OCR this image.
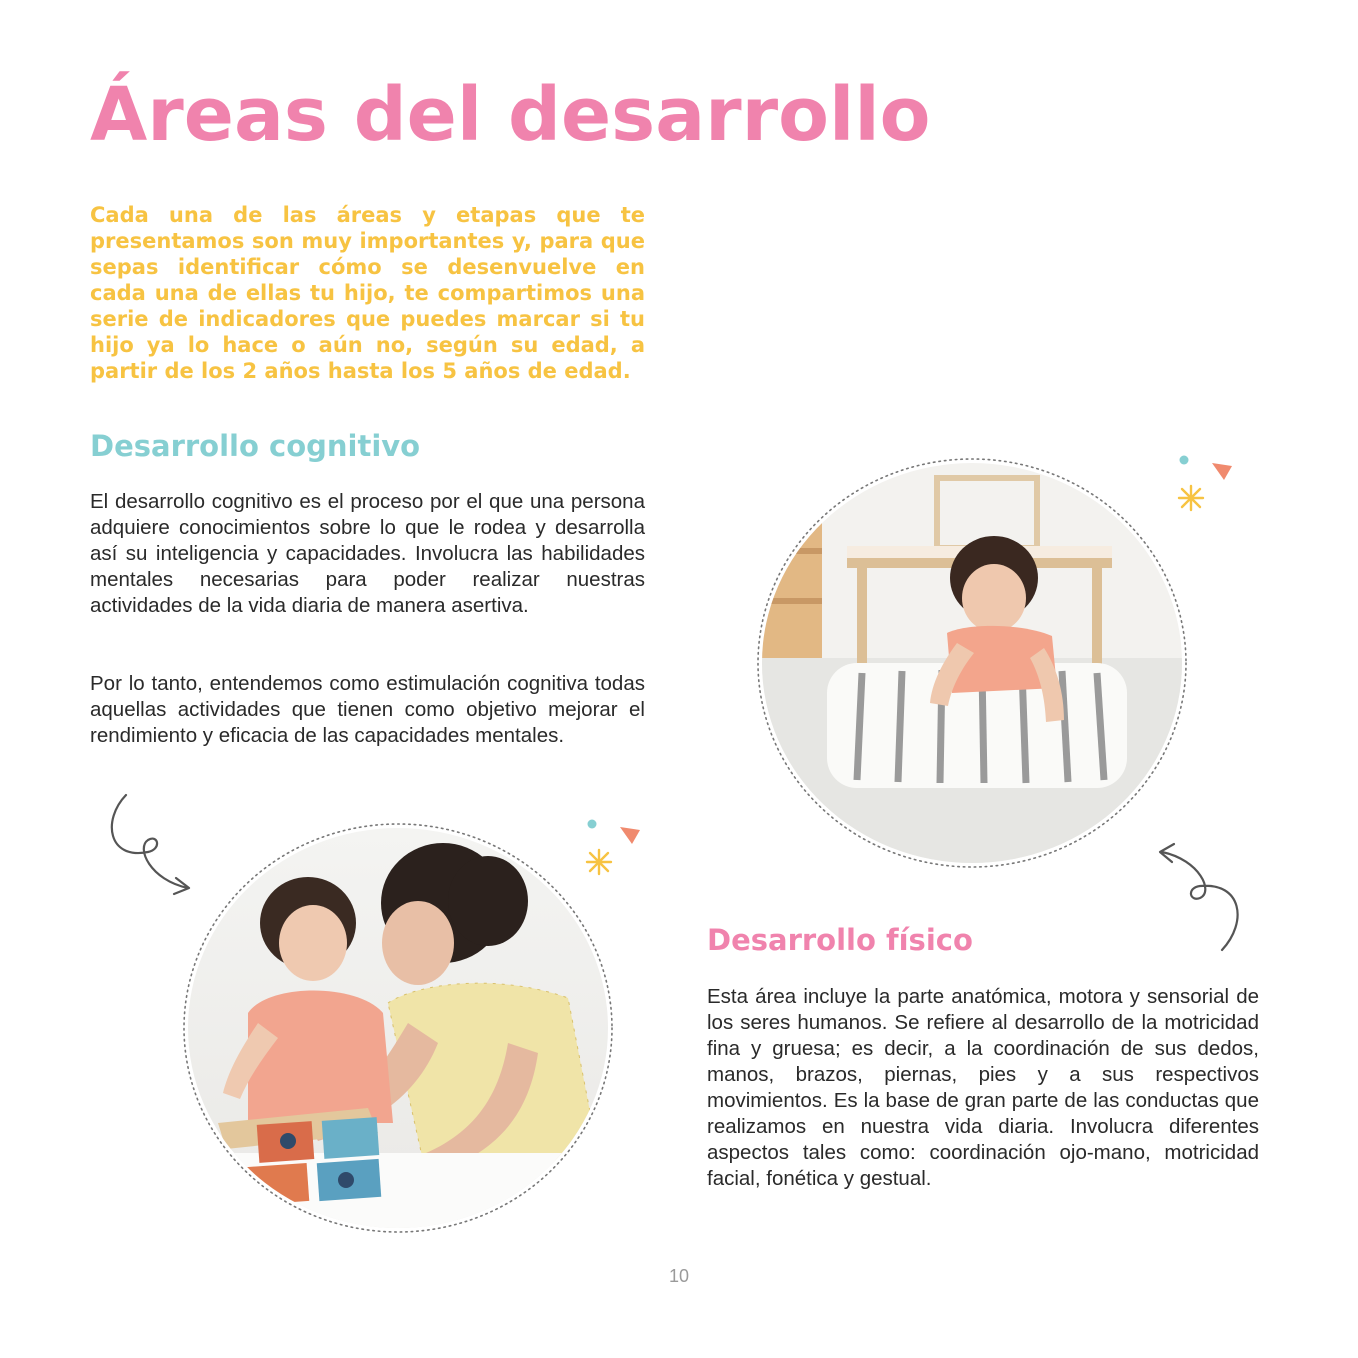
Áreas del desarrollo

Cada una de las áreas y etapas que te presentamos son muy importantes y, para que sepas identificar cómo se desenvuelve en cada una de ellas tu hijo, te compartimos una serie de indicadores que puedes marcar si tu hijo ya lo hace o aún no, según su edad, a partir de los 2 años hasta los 5 años de edad.

Desarrollo cognitivo

El desarrollo cognitivo es el proceso por el que una persona adquiere conocimientos sobre lo que le rodea y desarrolla así su inteligencia y capacidades. Involucra las habilidades mentales necesarias para poder realizar nuestras actividades de la vida diaria de manera asertiva.

Por lo tanto, entendemos como estimulación cognitiva todas aquellas actividades que tienen como objetivo mejorar el rendimiento y eficacia de las capacidades mentales.

Desarrollo físico

Esta área incluye la parte anatómica, motora y sensorial de los seres humanos. Se refiere al desarrollo de la motricidad fina y gruesa; es decir, a la coordinación de sus dedos, manos, brazos, piernas, pies y a sus respectivos movimientos. Es la base de gran parte de las conductas que realizamos en nuestra vida diaria. Involucra diferentes aspectos tales como: coordinación ojo-mano, motricidad facial, fonética y gestual.

10
